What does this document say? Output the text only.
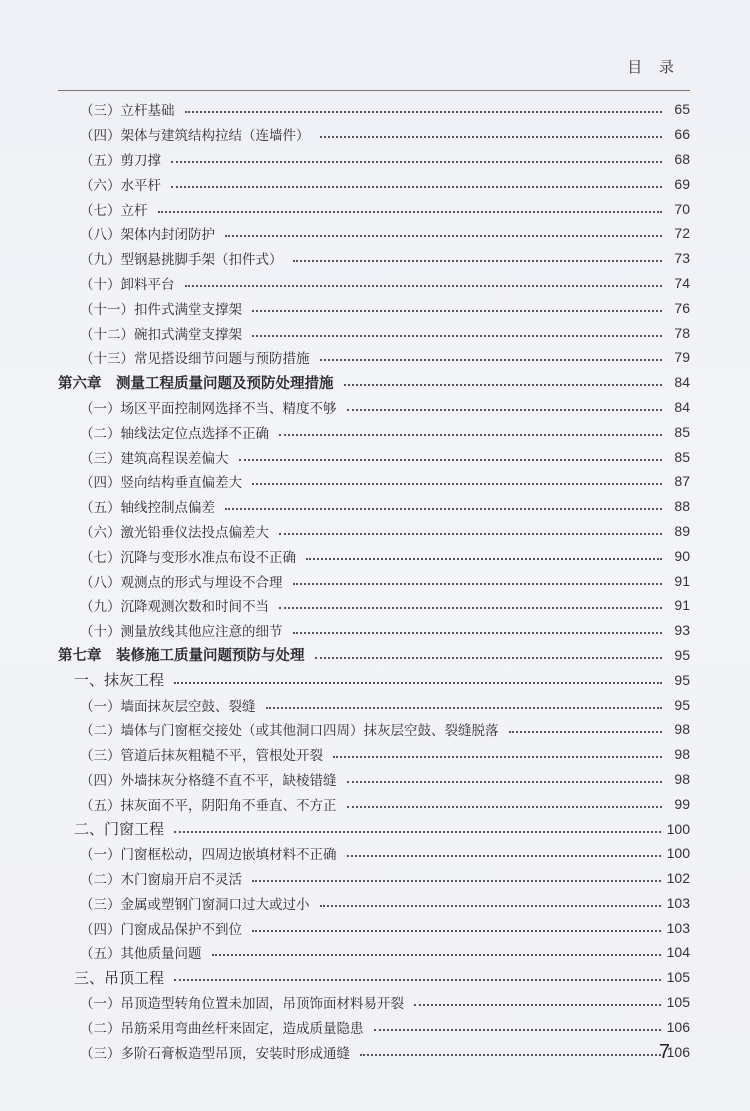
目 录
（三）立杆基础	65
（四）架体与建筑结构拉结（连墙件）	66
（五）剪刀撑	68
（六）水平杆	69
（七）立杆	70
（八）架体内封闭防护	72
（九）型钢悬挑脚手架（扣件式）	73
（十）卸料平台	74
（十一）扣件式满堂支撑架	76
（十二）碗扣式满堂支撑架	78
（十三）常见搭设细节问题与预防措施	79
第六章　测量工程质量问题及预防处理措施	84
（一）场区平面控制网选择不当、精度不够	84
（二）轴线法定位点选择不正确	85
（三）建筑高程误差偏大	85
（四）竖向结构垂直偏差大	87
（五）轴线控制点偏差	88
（六）激光铅垂仪法投点偏差大	89
（七）沉降与变形水准点布设不正确	90
（八）观测点的形式与埋设不合理	91
（九）沉降观测次数和时间不当	91
（十）测量放线其他应注意的细节	93
第七章　装修施工质量问题预防与处理	95
一、抹灰工程	95
（一）墙面抹灰层空鼓、裂缝	95
（二）墙体与门窗框交接处（或其他洞口四周）抹灰层空鼓、裂缝脱落	98
（三）管道后抹灰粗糙不平，管根处开裂	98
（四）外墙抹灰分格缝不直不平，缺棱错缝	98
（五）抹灰面不平，阴阳角不垂直、不方正	99
二、门窗工程	100
（一）门窗框松动，四周边嵌填材料不正确	100
（二）木门窗扇开启不灵活	102
（三）金属或塑钢门窗洞口过大或过小	103
（四）门窗成品保护不到位	103
（五）其他质量问题	104
三、吊顶工程	105
（一）吊顶造型转角位置未加固，吊顶饰面材料易开裂	105
（二）吊筋采用弯曲丝杆来固定，造成质量隐患	106
（三）多阶石膏板造型吊顶，安装时形成通缝	106
7
